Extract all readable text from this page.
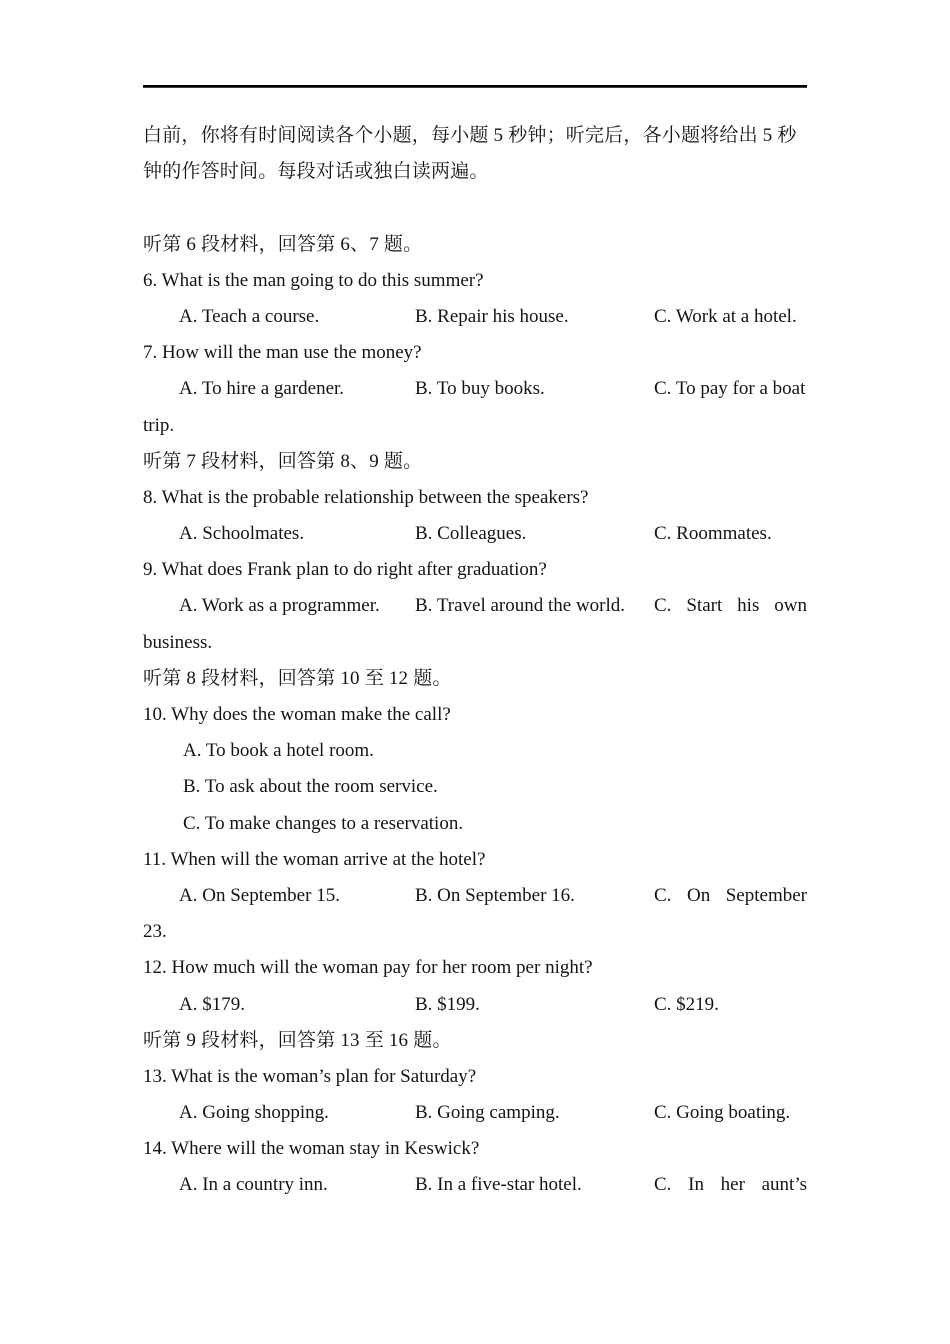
白前，你将有时间阅读各个小题，每小题 5 秒钟；听完后，各小题将给出 5 秒
钟的作答时间。每段对话或独白读两遍。
听第 6 段材料，回答第 6、7 题。
6. What is the man going to do this summer?
A. Teach a course.	B. Repair his house.	C. Work at a hotel.
7. How will the man use the money?
A. To hire a gardener.	B. To buy books.	C. To pay for a boat
trip.
听第 7 段材料，回答第 8、9 题。
8. What is the probable relationship between the speakers?
A. Schoolmates.	B. Colleagues.	C. Roommates.
9. What does Frank plan to do right after graduation?
A. Work as a programmer.	B. Travel around the world.	C. Start his own
business.
听第 8 段材料，回答第 10 至 12 题。
10. Why does the woman make the call?
A. To book a hotel room.
B. To ask about the room service.
C. To make changes to a reservation.
11. When will the woman arrive at the hotel?
A. On September 15.	B. On September 16.	C. On September
23.
12. How much will the woman pay for her room per night?
A. $179.	B. $199.	C. $219.
听第 9 段材料，回答第 13 至 16 题。
13. What is the woman’s plan for Saturday?
A. Going shopping.	B. Going camping.	C. Going boating.
14. Where will the woman stay in Keswick?
A. In a country inn.	B. In a five-star hotel.	C. In her aunt’s
